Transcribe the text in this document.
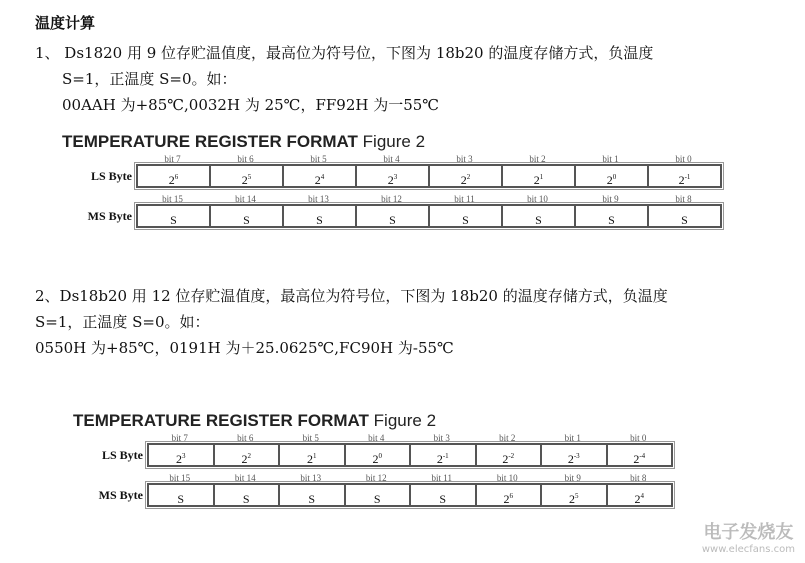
温度计算
1、 Ds1820 用 9 位存贮温值度，最高位为符号位，下图为 18b20 的温度存储方式，负温度
S=1，正温度 S=0。如：
00AAH 为+85℃,0032H 为 25℃，FF92H 为一55℃
TEMPERATURE REGISTER FORMAT Figure 2
bit 7	bit 6	bit 5	bit 4	bit 3	bit 2	bit 1	bit 0
LS Byte	$2^6$	$2^5$	$2^4$	$2^3$	$2^2$	$2^1$	$2^0$	$2^{-1}$
bit 15	bit 14	bit 13	bit 12	bit 11	bit 10	bit 9	bit 8
MS Byte	S	S	S	S	S	S	S	S
2、Ds18b20 用 12 位存贮温值度，最高位为符号位，下图为 18b20 的温度存储方式，负温度
S=1，正温度 S=0。如：
0550H 为+85℃，0191H 为＋25.0625℃,FC90H 为-55℃
TEMPERATURE REGISTER FORMAT Figure 2
bit 7	bit 6	bit 5	bit 4	bit 3	bit 2	bit 1	bit 0
LS Byte	$2^3$	$2^2$	$2^1$	$2^0$	$2^{-1}$	$2^{-2}$	$2^{-3}$	$2^{-4}$
bit 15	bit 14	bit 13	bit 12	bit 11	bit 10	bit 9	bit 8
MS Byte	S	S	S	S	S	$2^6$	$2^5$	$2^4$
电子发烧友
www.elecfans.com
